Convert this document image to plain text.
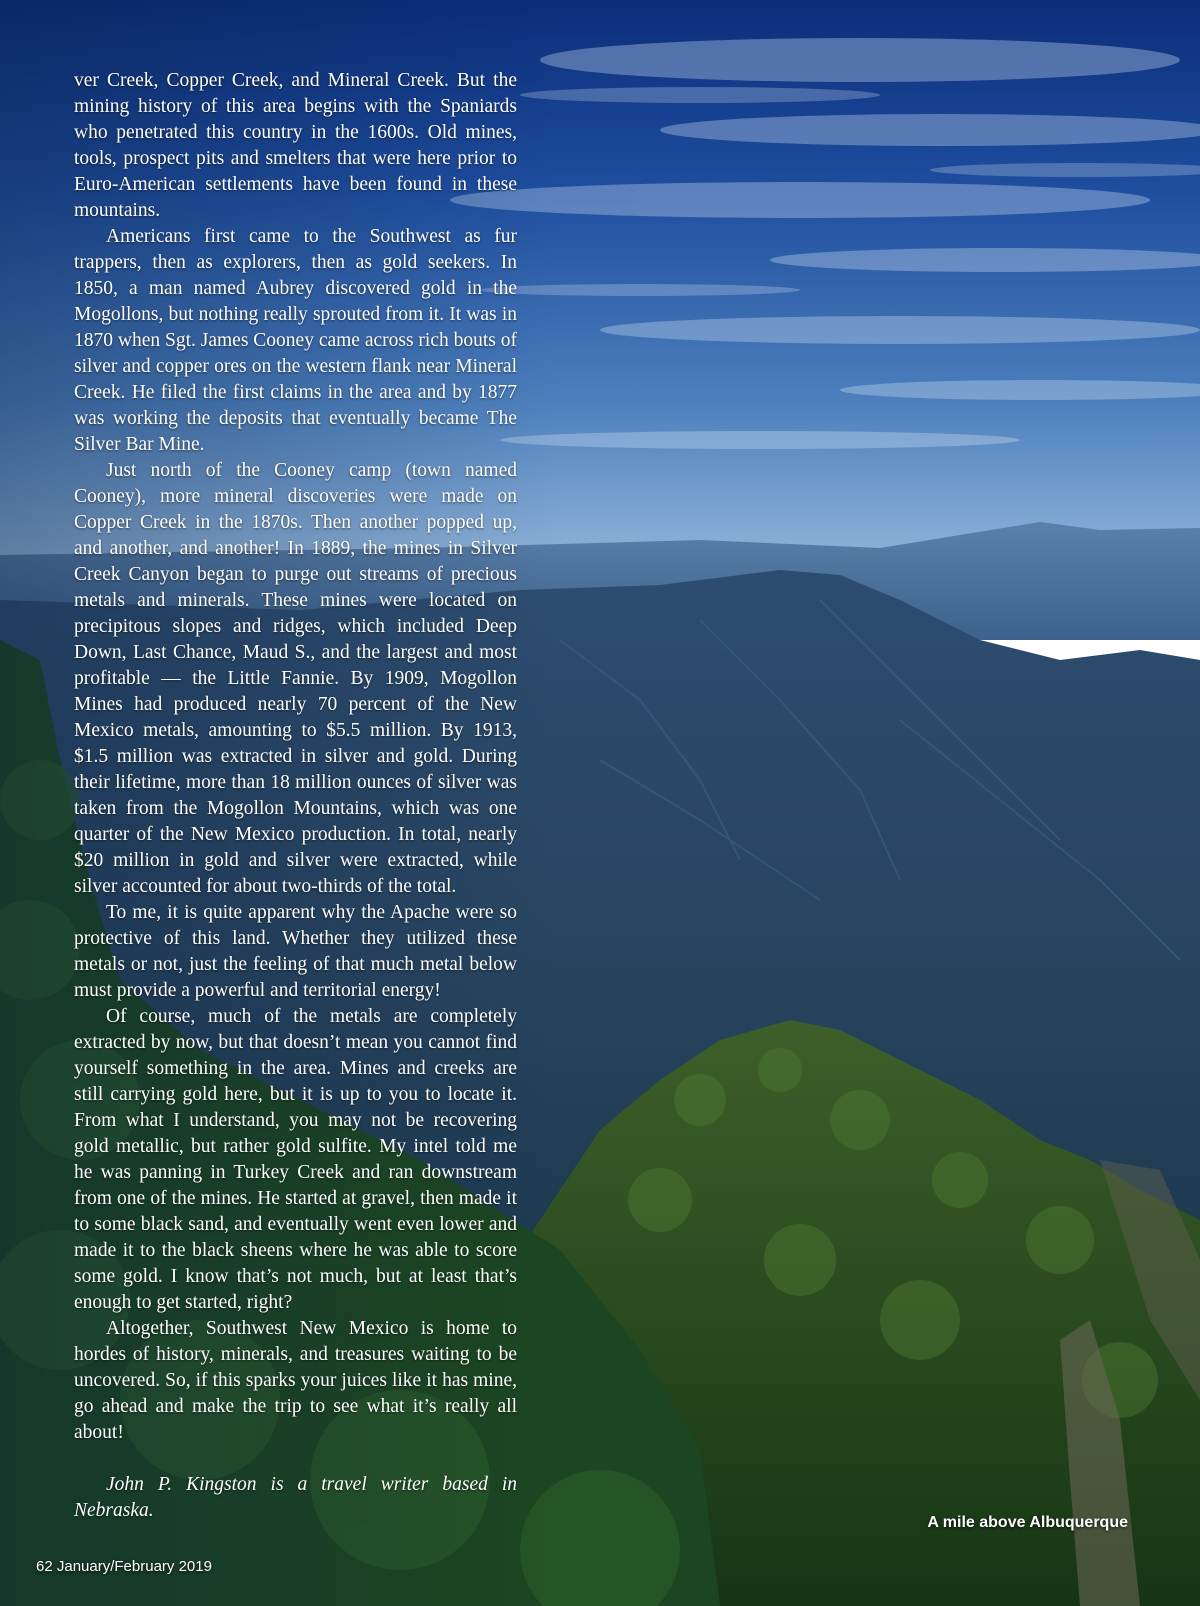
ver Creek, Copper Creek, and Mineral Creek. But the mining history of this area begins with the Spaniards who penetrated this country in the 1600s. Old mines, tools, prospect pits and smelters that were here prior to Euro-American settlements have been found in these mountains.

Americans first came to the Southwest as fur trappers, then as explorers, then as gold seekers. In 1850, a man named Aubrey discovered gold in the Mogollons, but nothing really sprouted from it. It was in 1870 when Sgt. James Cooney came across rich bouts of silver and copper ores on the western flank near Mineral Creek. He filed the first claims in the area and by 1877 was working the deposits that eventually became The Silver Bar Mine.

Just north of the Cooney camp (town named Cooney), more mineral discoveries were made on Copper Creek in the 1870s. Then another popped up, and another, and another! In 1889, the mines in Silver Creek Canyon began to purge out streams of precious metals and minerals. These mines were located on precipitous slopes and ridges, which included Deep Down, Last Chance, Maud S., and the largest and most profitable — the Little Fannie. By 1909, Mogollon Mines had produced nearly 70 percent of the New Mexico metals, amounting to $5.5 million. By 1913, $1.5 million was extracted in silver and gold. During their lifetime, more than 18 million ounces of silver was taken from the Mogollon Mountains, which was one quarter of the New Mexico production. In total, nearly $20 million in gold and silver were extracted, while silver accounted for about two-thirds of the total.

To me, it is quite apparent why the Apache were so protective of this land. Whether they utilized these metals or not, just the feeling of that much metal below must provide a powerful and territorial energy!

Of course, much of the metals are completely extracted by now, but that doesn’t mean you cannot find yourself something in the area. Mines and creeks are still carrying gold here, but it is up to you to locate it. From what I understand, you may not be recovering gold metallic, but rather gold sulfite. My intel told me he was panning in Turkey Creek and ran downstream from one of the mines. He started at gravel, then made it to some black sand, and eventually went even lower and made it to the black sheens where he was able to score some gold. I know that’s not much, but at least that’s enough to get started, right?

Altogether, Southwest New Mexico is home to hordes of history, minerals, and treasures waiting to be uncovered. So, if this sparks your juices like it has mine, go ahead and make the trip to see what it’s really all about!

John P. Kingston is a travel writer based in Nebraska.

A mile above Albuquerque
62 January/February 2019
